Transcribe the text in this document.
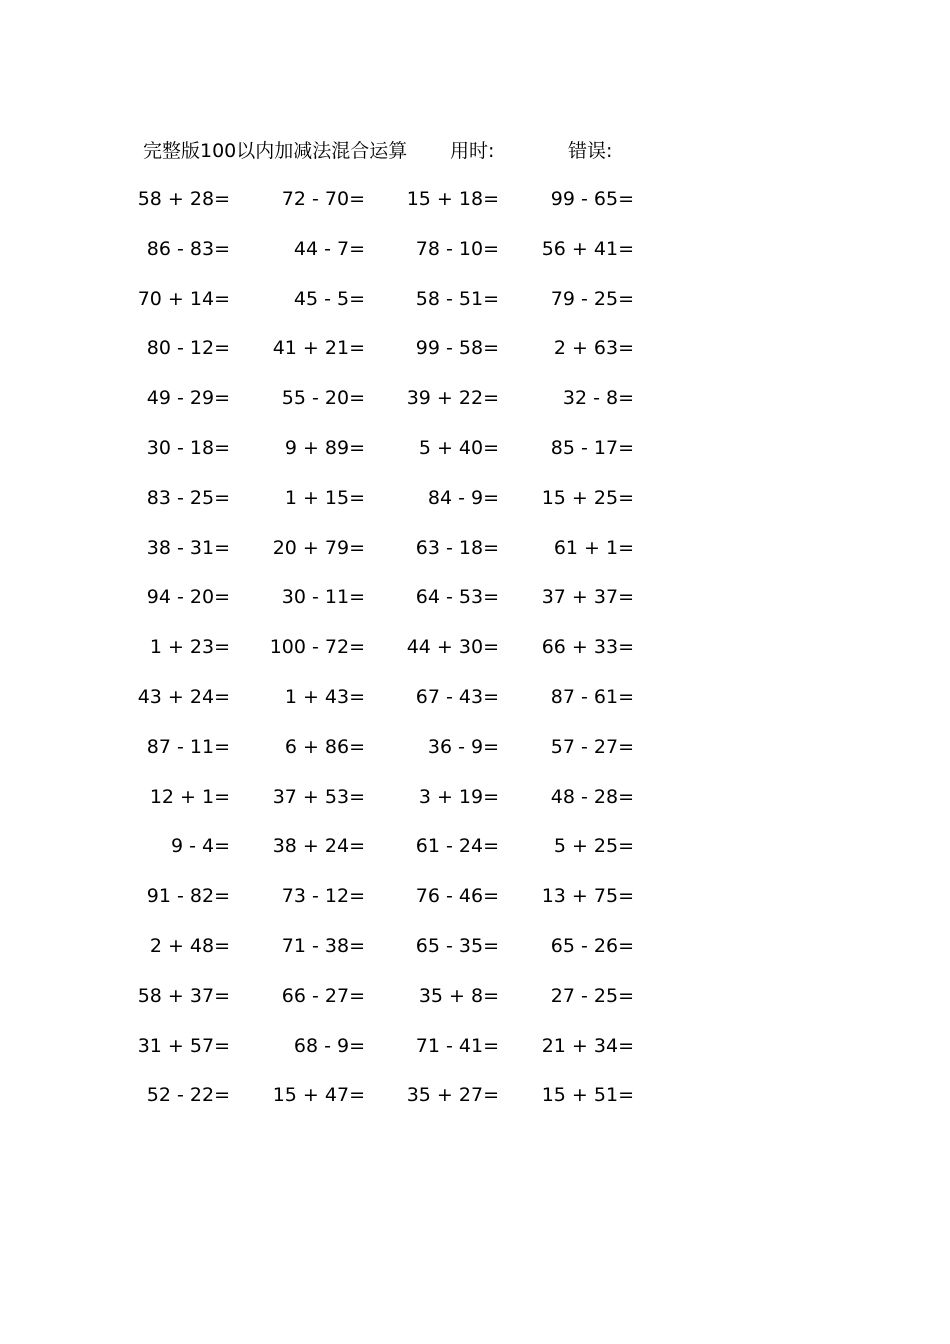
完整版100以内加减法混合运算 用时:	错误:
58 + 28=	72 - 70= 15 + 18=	99 - 65=
86 - 83=	44 - 7=	78 - 10= 56 + 41=
70 + 14=	45 - 5=	58 - 51=	79 - 25=
80 - 12= 41 + 21=	99 - 58=	2 + 63=
49 - 29=	55 - 20= 39 + 22=	32 - 8=
30 - 18=	9 + 89=	5 + 40=	85 - 17=
83 - 25=	1 + 15=	84 - 9= 15 + 25=
38 - 31= 20 + 79=	63 - 18=	61 + 1=
94 - 20=	30 - 11=	64 - 53= 37 + 37=
1 + 23= 100 - 72= 44 + 30= 66 + 33=
43 + 24=	1 + 43=	67 - 43=	87 - 61=
87 - 11=	6 + 86=	36 - 9=	57 - 27=
12 + 1= 37 + 53=	3 + 19=	48 - 28=
9 - 4= 38 + 24=	61 - 24=	5 + 25=
91 - 82=	73 - 12=	76 - 46= 13 + 75=
2 + 48=	71 - 38=	65 - 35=	65 - 26=
58 + 37=	66 - 27=	35 + 8=	27 - 25=
31 + 57=	68 - 9=	71 - 41= 21 + 34=
52 - 22= 15 + 47= 35 + 27= 15 + 51=
